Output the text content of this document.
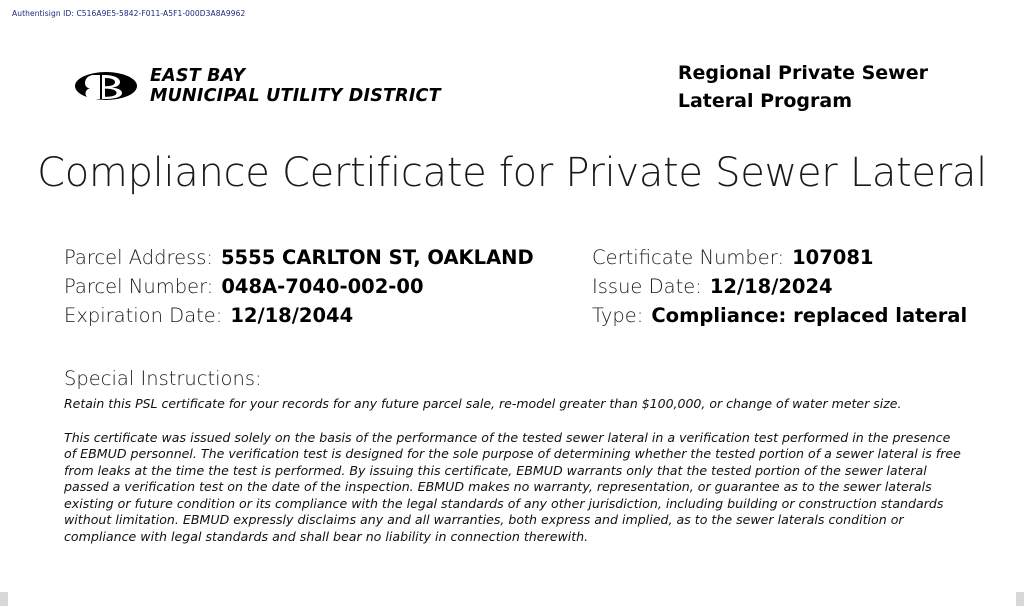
Authentisign ID: C516A9E5-5842-F011-A5F1-000D3A8A9962
EAST BAY
MUNICIPAL UTILITY DISTRICT
Regional Private Sewer
Lateral Program
Compliance Certificate for Private Sewer Lateral
Parcel Address: 5555 CARLTON ST, OAKLAND
Parcel Number: 048A-7040-002-00
Expiration Date: 12/18/2044
Certificate Number: 107081
Issue Date: 12/18/2024
Type: Compliance: replaced lateral
Special Instructions:
Retain this PSL certificate for your records for any future parcel sale, re-model greater than $100,000, or change of water meter size.
This certificate was issued solely on the basis of the performance of the tested sewer lateral in a verification test performed in the presence of EBMUD personnel. The verification test is designed for the sole purpose of determining whether the tested portion of a sewer lateral is free from leaks at the time the test is performed. By issuing this certificate, EBMUD warrants only that the tested portion of the sewer lateral passed a verification test on the date of the inspection. EBMUD makes no warranty, representation, or guarantee as to the sewer laterals existing or future condition or its compliance with the legal standards of any other jurisdiction, including building or construction standards without limitation. EBMUD expressly disclaims any and all warranties, both express and implied, as to the sewer laterals condition or compliance with legal standards and shall bear no liability in connection therewith.
